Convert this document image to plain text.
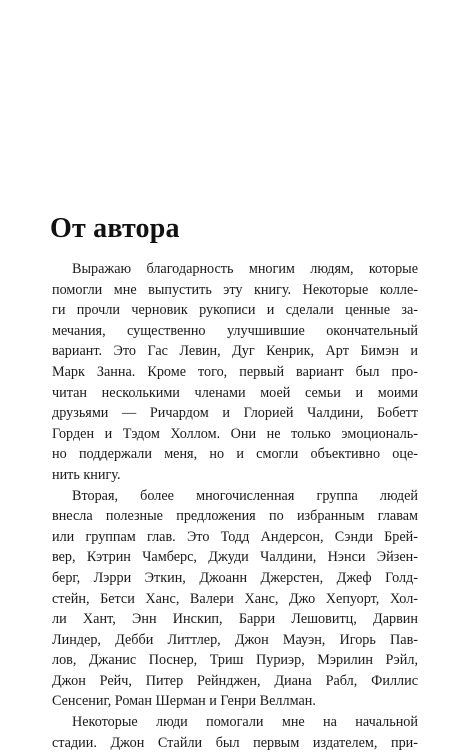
От автора
Выражаю благодарность многим людям, которые
помогли мне выпустить эту книгу. Некоторые колле-
ги прочли черновик рукописи и сделали ценные за-
мечания, существенно улучшившие окончательный
вариант. Это Гас Левин, Дуг Кенрик, Арт Бимэн и
Марк Занна. Кроме того, первый вариант был про-
читан несколькими членами моей семьи и моими
друзьями — Ричардом и Глорией Чалдини, Бобетт
Горден и Тэдом Холлом. Они не только эмоциональ-
но поддержали меня, но и смогли объективно оце-
нить книгу.
Вторая, более многочисленная группа людей
внесла полезные предложения по избранным главам
или группам глав. Это Тодд Андерсон, Сэнди Брей-
вер, Кэтрин Чамберс, Джуди Чалдини, Нэнси Эйзен-
берг, Лэрри Эткин, Джоанн Джерстен, Джеф Голд-
стейн, Бетси Ханс, Валери Ханс, Джо Хепуорт, Хол-
ли Хант, Энн Инскип, Барри Лешовитц, Дарвин
Линдер, Дебби Литтлер, Джон Мауэн, Игорь Пав-
лов, Джанис Поснер, Триш Пуриэр, Мэрилин Рэйл,
Джон Рейч, Питер Рейнджен, Диана Рабл, Филлис
Сенсениг, Роман Шерман и Генри Веллман.
Некоторые люди помогали мне на начальной
стадии. Джон Стайли был первым издателем, при-
